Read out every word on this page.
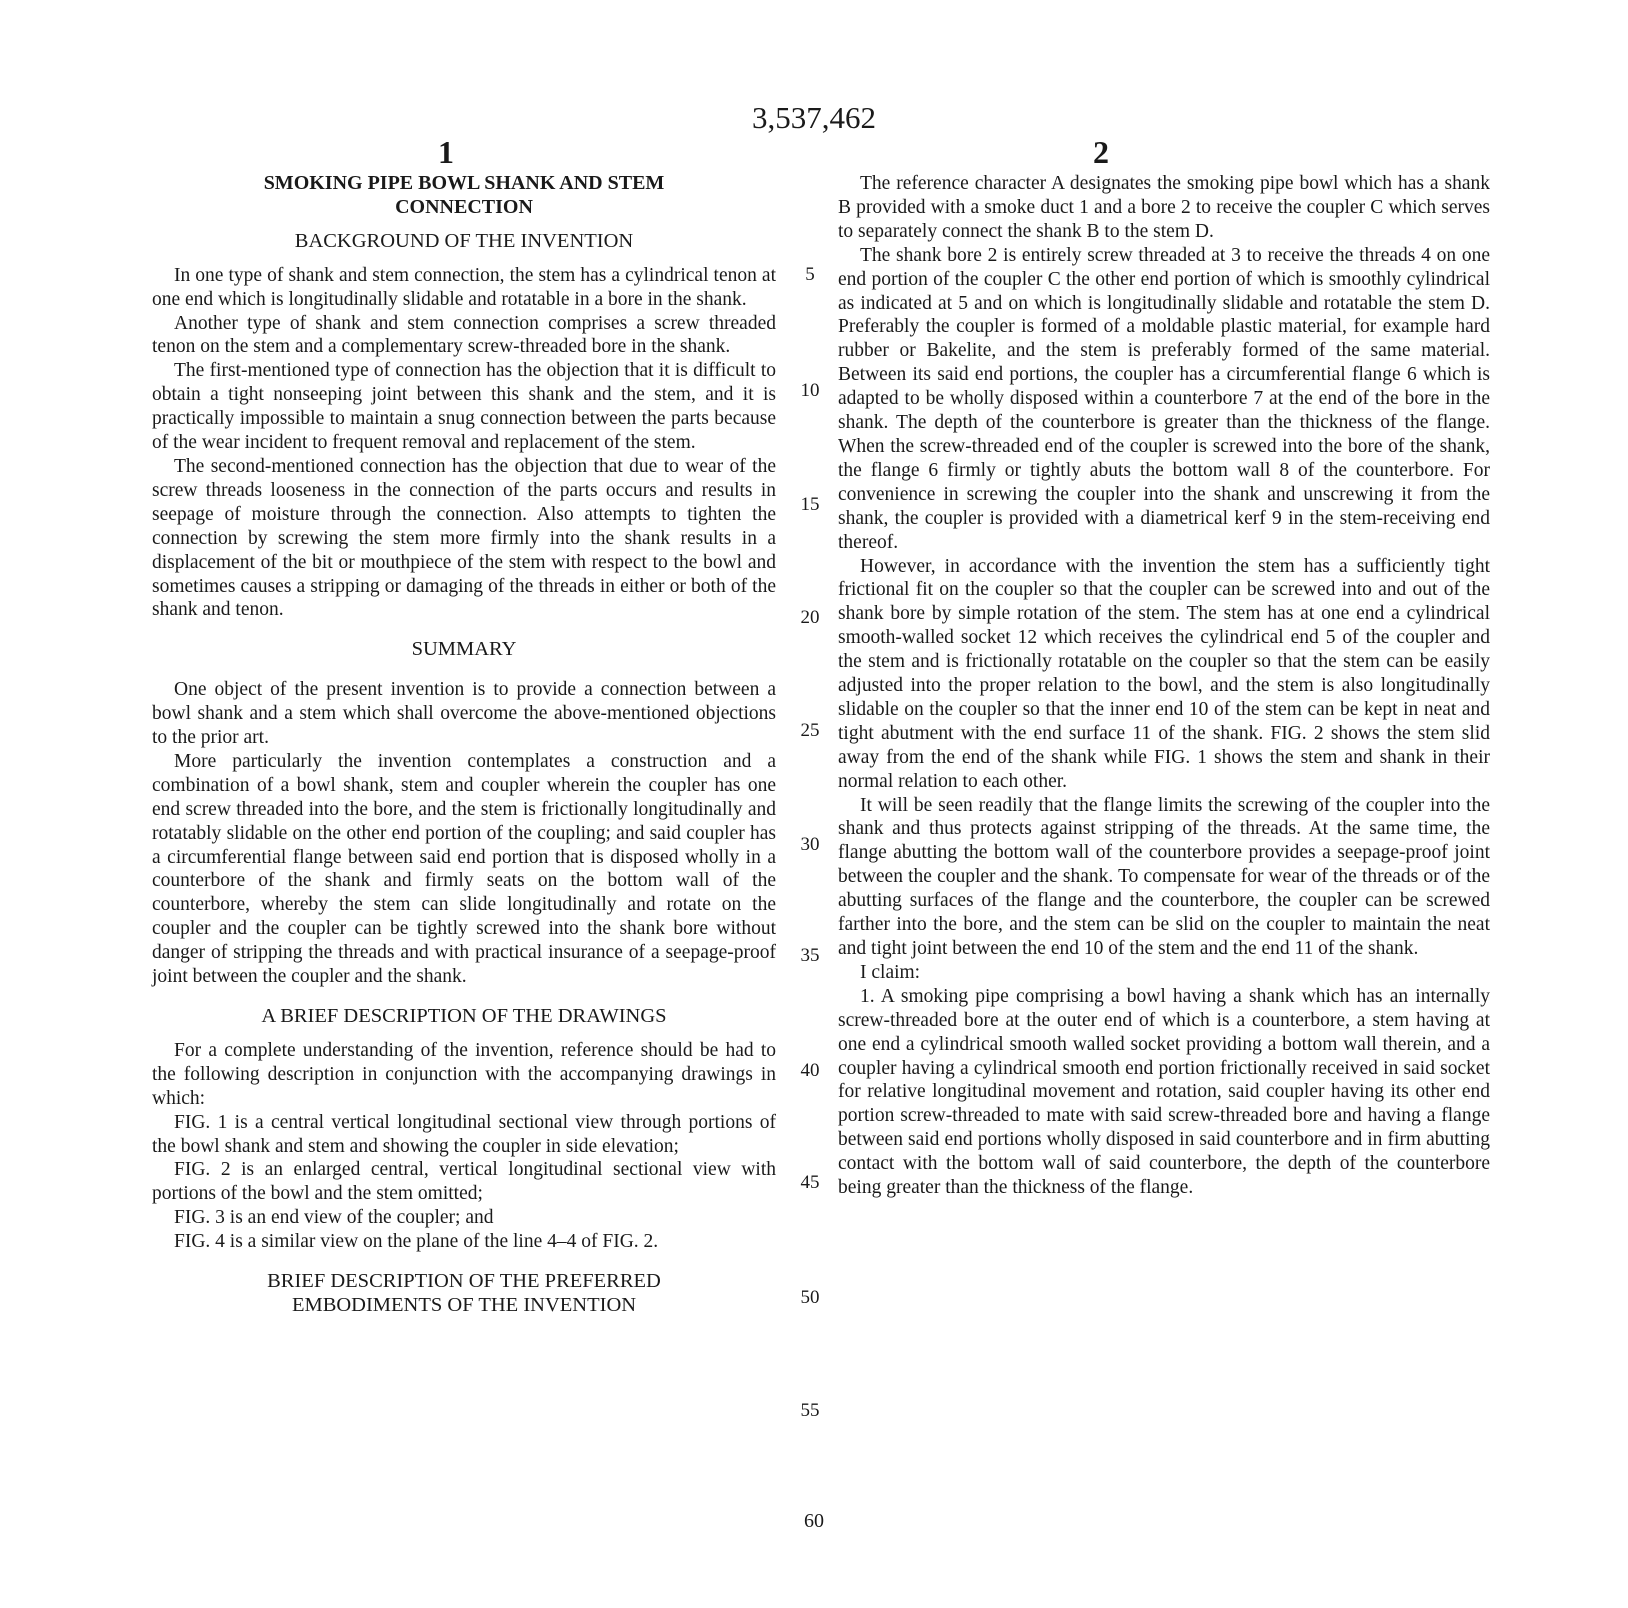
3,537,462
1	2
SMOKING PIPE BOWL SHANK AND STEM CONNECTION
BACKGROUND OF THE INVENTION

In one type of shank and stem connection, the stem has a cylindrical tenon at one end which is longitudinally slidable and rotatable in a bore in the shank.

Another type of shank and stem connection comprises a screw threaded tenon on the stem and a complementary screw-threaded bore in the shank.

The first-mentioned type of connection has the objection that it is difficult to obtain a tight nonseeping joint between this shank and the stem, and it is practically impossible to maintain a snug connection between the parts because of the wear incident to frequent removal and replacement of the stem.

The second-mentioned connection has the objection that due to wear of the screw threads looseness in the connection of the parts occurs and results in seepage of moisture through the connection. Also attempts to tighten the connection by screwing the stem more firmly into the shank results in a displacement of the bit or mouthpiece of the stem with respect to the bowl and sometimes causes a stripping or damaging of the threads in either or both of the shank and tenon.

SUMMARY

One object of the present invention is to provide a connection between a bowl shank and a stem which shall overcome the above-mentioned objections to the prior art.

More particularly the invention contemplates a construction and a combination of a bowl shank, stem and coupler wherein the coupler has one end screw threaded into the bore, and the stem is frictionally longitudinally and rotatably slidable on the other end portion of the coupling; and said coupler has a circumferential flange between said end portion that is disposed wholly in a counterbore of the shank and firmly seats on the bottom wall of the counterbore, whereby the stem can slide longitudinally and rotate on the coupler and the coupler can be tightly screwed into the shank bore without danger of stripping the threads and with practical insurance of a seepage-proof joint between the coupler and the shank.

A BRIEF DESCRIPTION OF THE DRAWINGS

For a complete understanding of the invention, reference should be had to the following description in conjunction with the accompanying drawings in which:

FIG. 1 is a central vertical longitudinal sectional view through portions of the bowl shank and stem and showing the coupler in side elevation;

FIG. 2 is an enlarged central, vertical longitudinal sectional view with portions of the bowl and the stem omitted;

FIG. 3 is an end view of the coupler; and

FIG. 4 is a similar view on the plane of the line 4–4 of FIG. 2.

BRIEF DESCRIPTION OF THE PREFERRED EMBODIMENTS OF THE INVENTION
5
10
15
20
25
30
35
40
45
50
55

The reference character A designates the smoking pipe bowl which has a shank B provided with a smoke duct 1 and a bore 2 to receive the coupler C which serves to separately connect the shank B to the stem D.

The shank bore 2 is entirely screw threaded at 3 to receive the threads 4 on one end portion of the coupler C the other end portion of which is smoothly cylindrical as indicated at 5 and on which is longitudinally slidable and rotatable the stem D. Preferably the coupler is formed of a moldable plastic material, for example hard rubber or Bakelite, and the stem is preferably formed of the same material. Between its said end portions, the coupler has a circumferential flange 6 which is adapted to be wholly disposed within a counterbore 7 at the end of the bore in the shank. The depth of the counterbore is greater than the thickness of the flange. When the screw-threaded end of the coupler is screwed into the bore of the shank, the flange 6 firmly or tightly abuts the bottom wall 8 of the counterbore. For convenience in screwing the coupler into the shank and unscrewing it from the shank, the coupler is provided with a diametrical kerf 9 in the stem-receiving end thereof.

However, in accordance with the invention the stem has a sufficiently tight frictional fit on the coupler so that the coupler can be screwed into and out of the shank bore by simple rotation of the stem. The stem has at one end a cylindrical smooth-walled socket 12 which receives the cylindrical end 5 of the coupler and the stem and is frictionally rotatable on the coupler so that the stem can be easily adjusted into the proper relation to the bowl, and the stem is also longitudinally slidable on the coupler so that the inner end 10 of the stem can be kept in neat and tight abutment with the end surface 11 of the shank. FIG. 2 shows the stem slid away from the end of the shank while FIG. 1 shows the stem and shank in their normal relation to each other.

It will be seen readily that the flange limits the screwing of the coupler into the shank and thus protects against stripping of the threads. At the same time, the flange abutting the bottom wall of the counterbore provides a seepage-proof joint between the coupler and the shank. To compensate for wear of the threads or of the abutting surfaces of the flange and the counterbore, the coupler can be screwed farther into the bore, and the stem can be slid on the coupler to maintain the neat and tight joint between the end 10 of the stem and the end 11 of the shank.

I claim:

1. A smoking pipe comprising a bowl having a shank which has an internally screw-threaded bore at the outer end of which is a counterbore, a stem having at one end a cylindrical smooth walled socket providing a bottom wall therein, and a coupler having a cylindrical smooth end portion frictionally received in said socket for relative longitudinal movement and rotation, said coupler having its other end portion screw-threaded to mate with said screw-threaded bore and having a flange between said end portions wholly disposed in said counterbore and in firm abutting contact with the bottom wall of said counterbore, the depth of the counterbore being greater than the thickness of the flange.

60
